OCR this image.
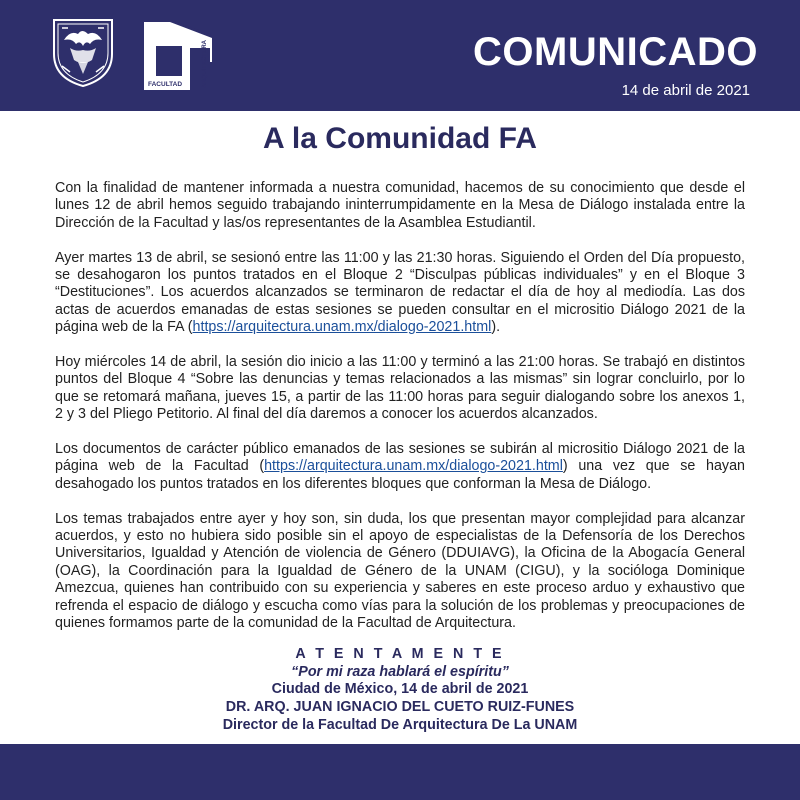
FACULTAD	ARQUITECTURA	COMUNICADO
14 de abril de 2021
A la Comunidad FA

Con la finalidad de mantener informada a nuestra comunidad, hacemos de su conocimiento que desde el lunes 12 de abril hemos seguido trabajando ininterrumpidamente en la Mesa de Diálogo instalada entre la Dirección de la Facultad y las/os representantes de la Asamblea Estudiantil.

Ayer martes 13 de abril, se sesionó entre las 11:00 y las 21:30 horas. Siguiendo el Orden del Día propuesto, se desahogaron los puntos tratados en el Bloque 2 “Disculpas públicas individuales” y en el Bloque 3 “Destituciones”. Los acuerdos alcanzados se terminaron de redactar el día de hoy al mediodía. Las dos actas de acuerdos emanadas de estas sesiones se pueden consultar en el micrositio Diálogo 2021 de la página web de la FA (https://arquitectura.unam.mx/dialogo-2021.html).

Hoy miércoles 14 de abril, la sesión dio inicio a las 11:00 y terminó a las 21:00 horas. Se trabajó en distintos puntos del Bloque 4 “Sobre las denuncias y temas relacionados a las mismas” sin lograr concluirlo, por lo que se retomará mañana, jueves 15, a partir de las 11:00 horas para seguir dialogando sobre los anexos 1, 2 y 3 del Pliego Petitorio. Al final del día daremos a conocer los acuerdos alcanzados.

Los documentos de carácter público emanados de las sesiones se subirán al micrositio Diálogo 2021 de la página web de la Facultad (https://arquitectura.unam.mx/dialogo-2021.html) una vez que se hayan desahogado los puntos tratados en los diferentes bloques que conforman la Mesa de Diálogo.

Los temas trabajados entre ayer y hoy son, sin duda, los que presentan mayor complejidad para alcanzar acuerdos, y esto no hubiera sido posible sin el apoyo de especialistas de la Defensoría de los Derechos Universitarios, Igualdad y Atención de violencia de Género (DDUIAVG), la Oficina de la Abogacía General (OAG), la Coordinación para la Igualdad de Género de la UNAM (CIGU), y la socióloga Dominique Amezcua, quienes han contribuido con su experiencia y saberes en este proceso arduo y exhaustivo que refrenda el espacio de diálogo y escucha como vías para la solución de los problemas y preocupaciones de quienes formamos parte de la comunidad de la Facultad de Arquitectura.

A T E N T A M E N T E
“Por mi raza hablará el espíritu”
Ciudad de México, 14 de abril de 2021
DR. ARQ. JUAN IGNACIO DEL CUETO RUIZ-FUNES
Director de la Facultad De Arquitectura De La UNAM
